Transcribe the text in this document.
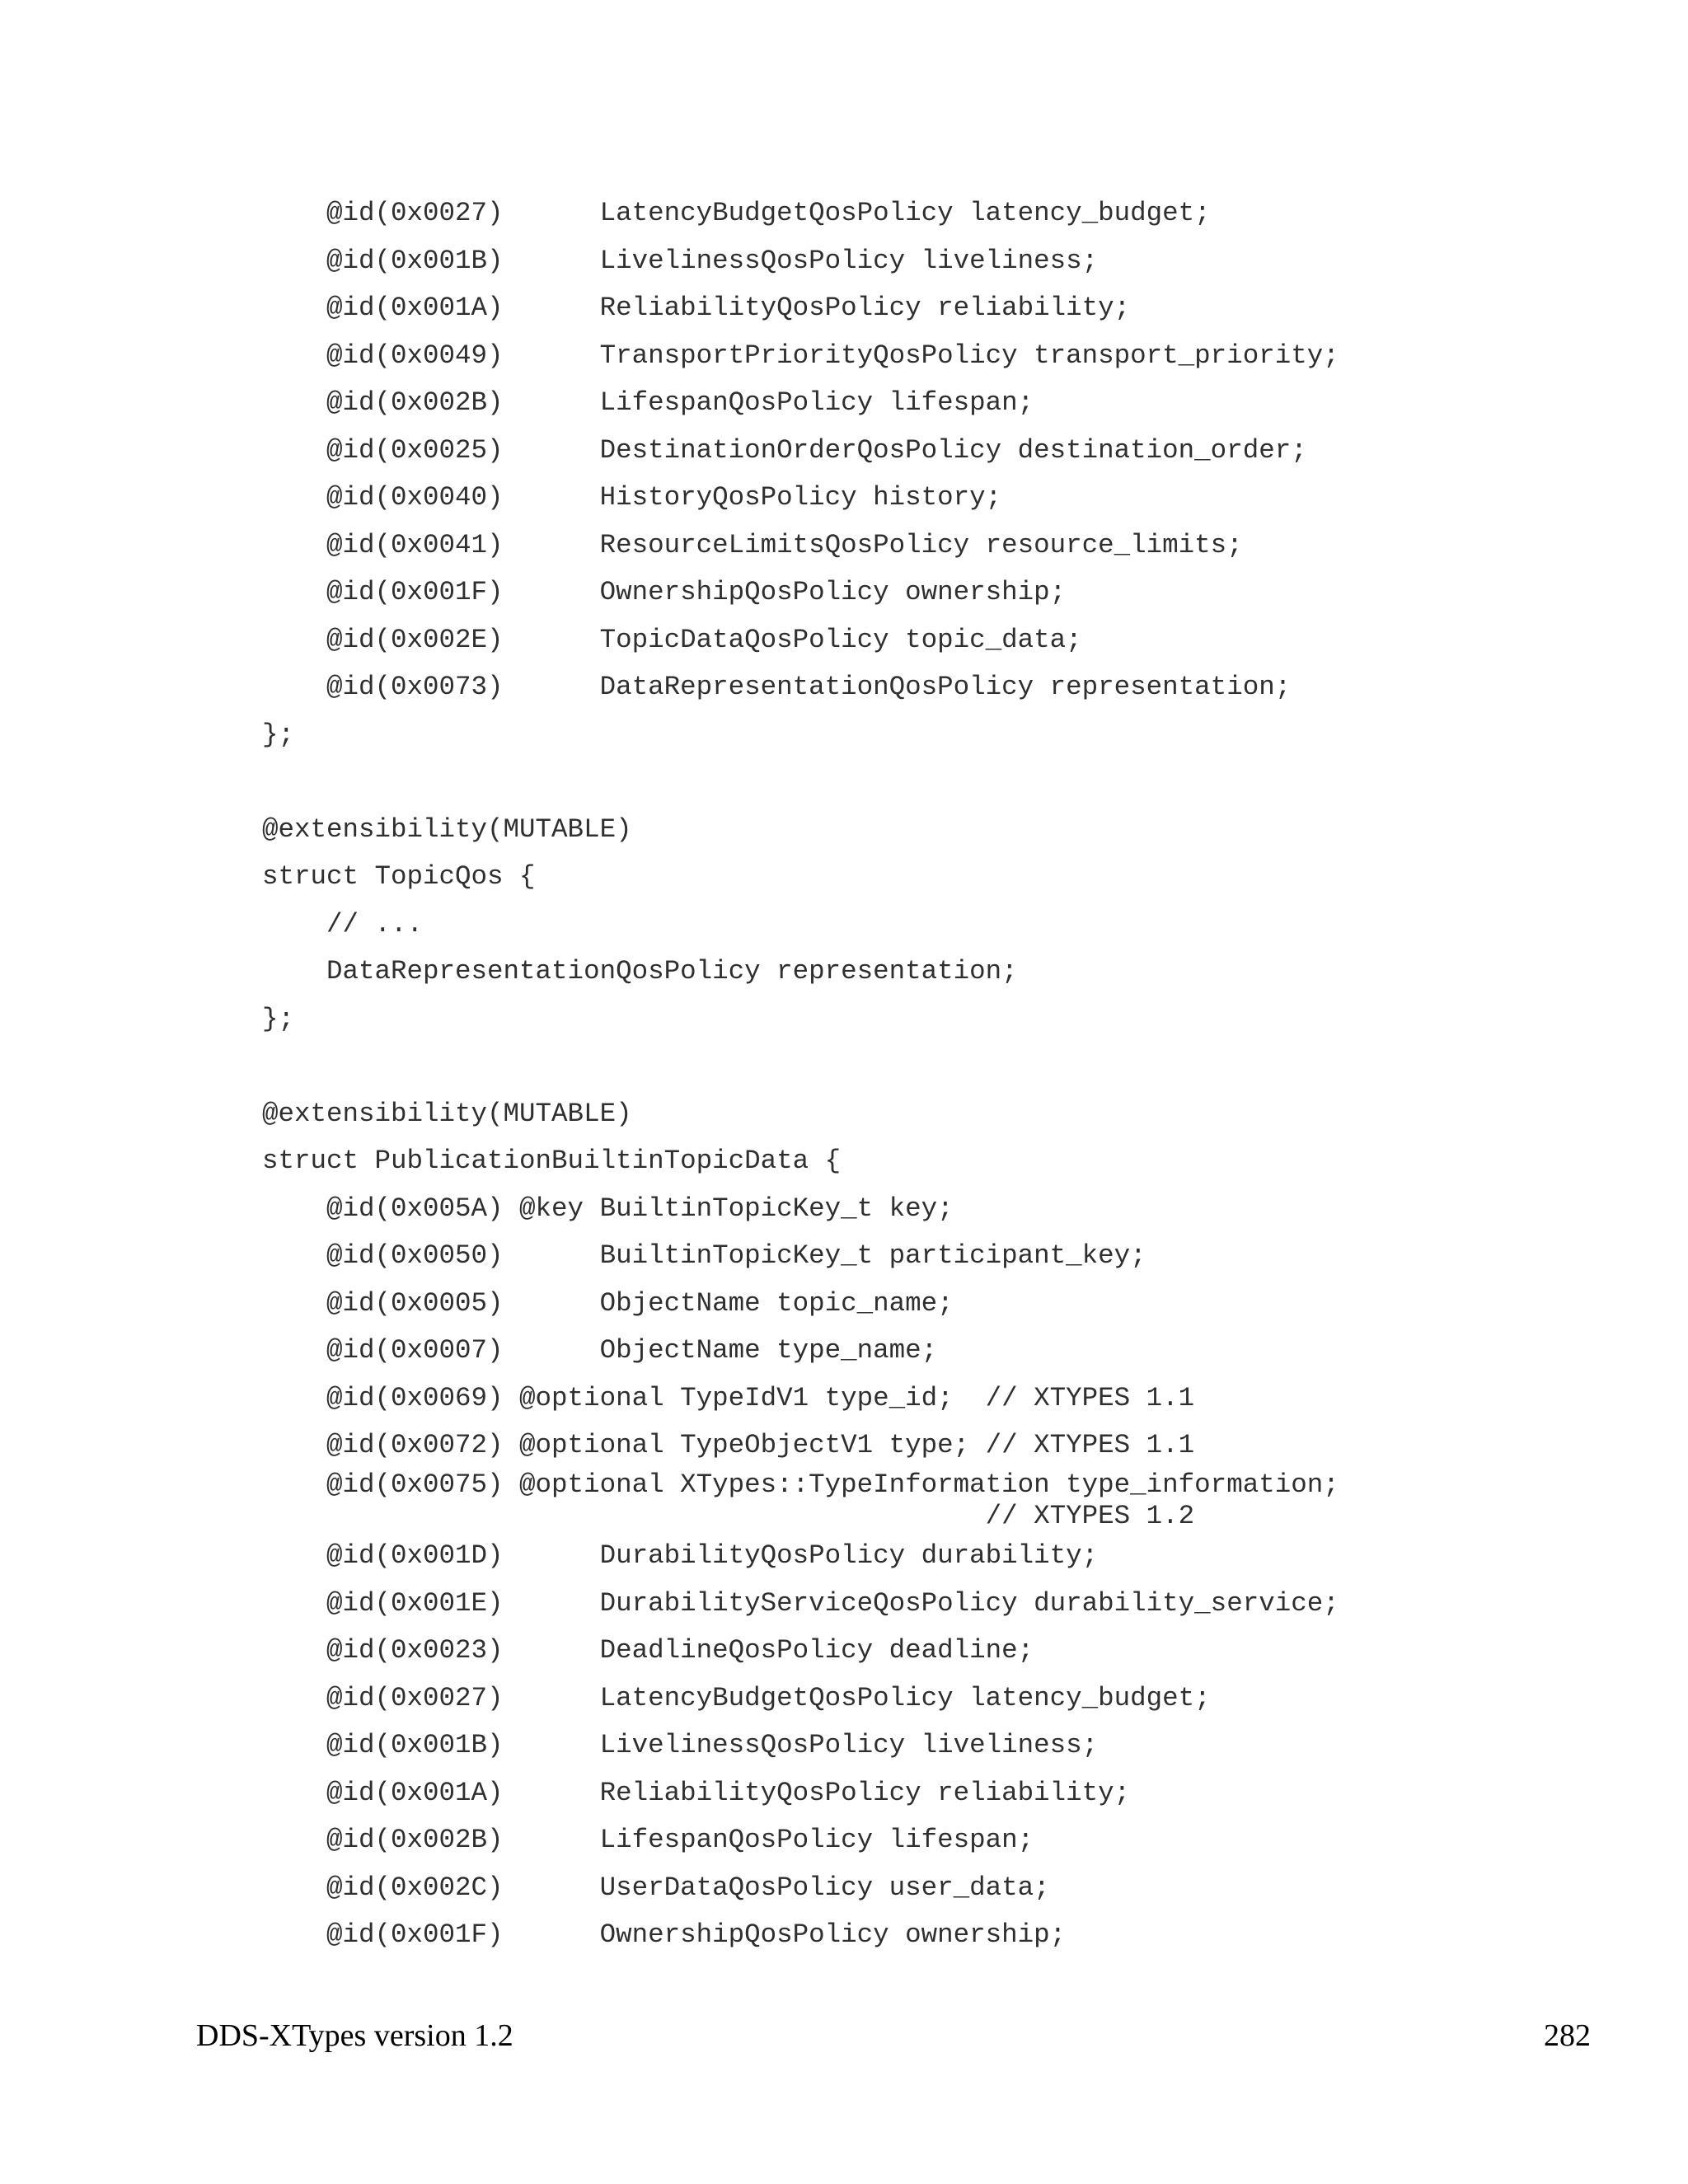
@id(0x0027)      LatencyBudgetQosPolicy latency_budget;
@id(0x001B)      LivelinessQosPolicy liveliness;
@id(0x001A)      ReliabilityQosPolicy reliability;
@id(0x0049)      TransportPriorityQosPolicy transport_priority;
@id(0x002B)      LifespanQosPolicy lifespan;
@id(0x0025)      DestinationOrderQosPolicy destination_order;
@id(0x0040)      HistoryQosPolicy history;
@id(0x0041)      ResourceLimitsQosPolicy resource_limits;
@id(0x001F)      OwnershipQosPolicy ownership;
@id(0x002E)      TopicDataQosPolicy topic_data;
@id(0x0073)      DataRepresentationQosPolicy representation;
};
@extensibility(MUTABLE)
struct TopicQos {
// ...
DataRepresentationQosPolicy representation;
};
@extensibility(MUTABLE)
struct PublicationBuiltinTopicData {
@id(0x005A) @key BuiltinTopicKey_t key;
@id(0x0050)      BuiltinTopicKey_t participant_key;
@id(0x0005)      ObjectName topic_name;
@id(0x0007)      ObjectName type_name;
@id(0x0069) @optional TypeIdV1 type_id;  // XTYPES 1.1
@id(0x0072) @optional TypeObjectV1 type; // XTYPES 1.1
@id(0x0075) @optional XTypes::TypeInformation type_information;
// XTYPES 1.2
@id(0x001D)      DurabilityQosPolicy durability;
@id(0x001E)      DurabilityServiceQosPolicy durability_service;
@id(0x0023)      DeadlineQosPolicy deadline;
@id(0x0027)      LatencyBudgetQosPolicy latency_budget;
@id(0x001B)      LivelinessQosPolicy liveliness;
@id(0x001A)      ReliabilityQosPolicy reliability;
@id(0x002B)      LifespanQosPolicy lifespan;
@id(0x002C)      UserDataQosPolicy user_data;
@id(0x001F)      OwnershipQosPolicy ownership;
DDS-XTypes version 1.2	282
